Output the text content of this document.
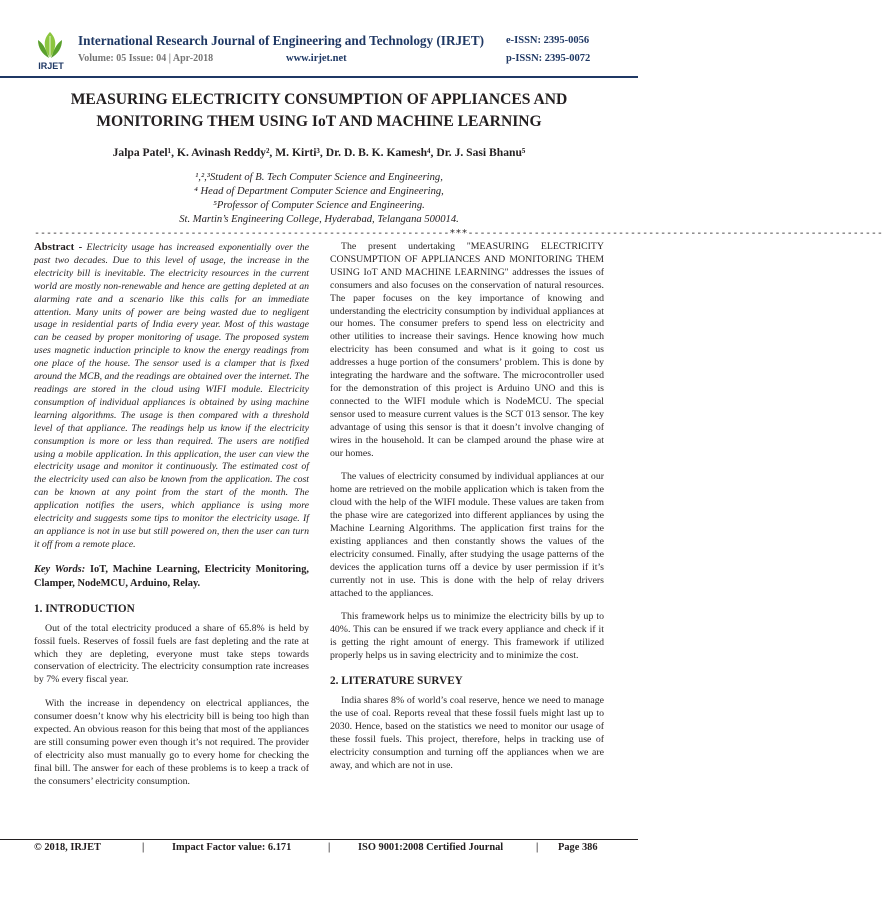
IRJET
International Research Journal of Engineering and Technology (IRJET) e-ISSN: 2395-0056
Volume: 05 Issue: 04 | Apr-2018	www.irjet.net	p-ISSN: 2395-0072
MEASURING ELECTRICITY CONSUMPTION OF APPLIANCES AND
MONITORING THEM USING IoT AND MACHINE LEARNING
Jalpa Patel¹, K. Avinash Reddy², M. Kirti³, Dr. D. B. K. Kamesh⁴, Dr. J. Sasi Bhanu⁵
¹,²,³Student of B. Tech Computer Science and Engineering,
⁴ Head of Department Computer Science and Engineering,
⁵Professor of Computer Science and Engineering.
St. Martin’s Engineering College, Hyderabad, Telangana 500014.
---------------------------------------------------------------------***---------------------------------------------------------------------

Abstract - Electricity usage has increased exponentially over the past two decades. Due to this level of usage, the increase in the electricity bill is inevitable. The electricity resources in the current world are mostly non-renewable and hence are getting depleted at an alarming rate and a scenario like this calls for an immediate attention. Many units of power are being wasted due to negligent usage in residential parts of India every year. Most of this wastage can be ceased by proper monitoring of usage. The proposed system uses magnetic induction principle to know the energy readings from one place of the house. The sensor used is a clamper that is fixed around the MCB, and the readings are obtained over the internet. The readings are stored in the cloud using WIFI module. Electricity consumption of individual appliances is obtained by using machine learning algorithms. The usage is then compared with a threshold level of that appliance. The readings help us know if the electricity consumption is more or less than required. The users are notified using a mobile application. In this application, the user can view the electricity usage and monitor it continuously. The estimated cost of the electricity used can also be known from the application. The cost can be known at any point from the start of the month. The application notifies the users, which appliance is using more electricity and suggests some tips to monitor the electricity usage. If an appliance is not in use but still powered on, then the user can turn it off from a remote place.

Key Words: IoT, Machine Learning, Electricity Monitoring, Clamper, NodeMCU, Arduino, Relay.

1. INTRODUCTION

Out of the total electricity produced a share of 65.8% is held by fossil fuels. Reserves of fossil fuels are fast depleting and the rate at which they are depleting, everyone must take steps towards conservation of electricity. The electricity consumption rate increases by 7% every fiscal year.

With the increase in dependency on electrical appliances, the consumer doesn’t know why his electricity bill is being too high than expected. An obvious reason for this being that most of the appliances are still consuming power even though it’s not required. The provider of electricity also must manually go to every home for checking the final bill. The answer for each of these problems is to keep a track of the consumers’ electricity consumption.

The present undertaking "MEASURING ELECTRICITY CONSUMPTION OF APPLIANCES AND MONITORING THEM USING IoT AND MACHINE LEARNING" addresses the issues of consumers and also focuses on the conservation of natural resources. The paper focuses on the key importance of knowing and understanding the electricity consumption by individual appliances at our homes. The consumer prefers to spend less on electricity and other utilities to increase their savings. Hence knowing how much electricity has been consumed and what is it going to cost us addresses a huge portion of the consumers’ problem. This is done by integrating the hardware and the software. The microcontroller used for the demonstration of this project is Arduino UNO and this is connected to the WIFI module which is NodeMCU. The special sensor used to measure current values is the SCT 013 sensor. The key advantage of using this sensor is that it doesn’t involve changing of wires in the household. It can be clamped around the phase wire at our homes.

The values of electricity consumed by individual appliances at our home are retrieved on the mobile application which is taken from the cloud with the help of the WIFI module. These values are taken from the phase wire are categorized into different appliances by using the Machine Learning Algorithms. The application first trains for the existing appliances and then constantly shows the values of the electricity consumed. Finally, after studying the usage patterns of the devices the application turns off a device by user permission if it’s currently not in use. This is done with the help of relay drivers attached to the appliances.

This framework helps us to minimize the electricity bills by up to 40%. This can be ensured if we track every appliance and check if it is getting the right amount of energy. This framework if utilized properly helps us in saving electricity and to minimize the cost.

2. LITERATURE SURVEY

India shares 8% of world’s coal reserve, hence we need to manage the use of coal. Reports reveal that these fossil fuels might last up to 2030. Hence, based on the statistics we need to monitor our usage of these fossil fuels. This project, therefore, helps in tracking use of electricity consumption and turning off the appliances when we are away, and which are not in use.

© 2018, IRJET	|	Impact Factor value: 6.171	|	ISO 9001:2008 Certified Journal	|	Page 386
